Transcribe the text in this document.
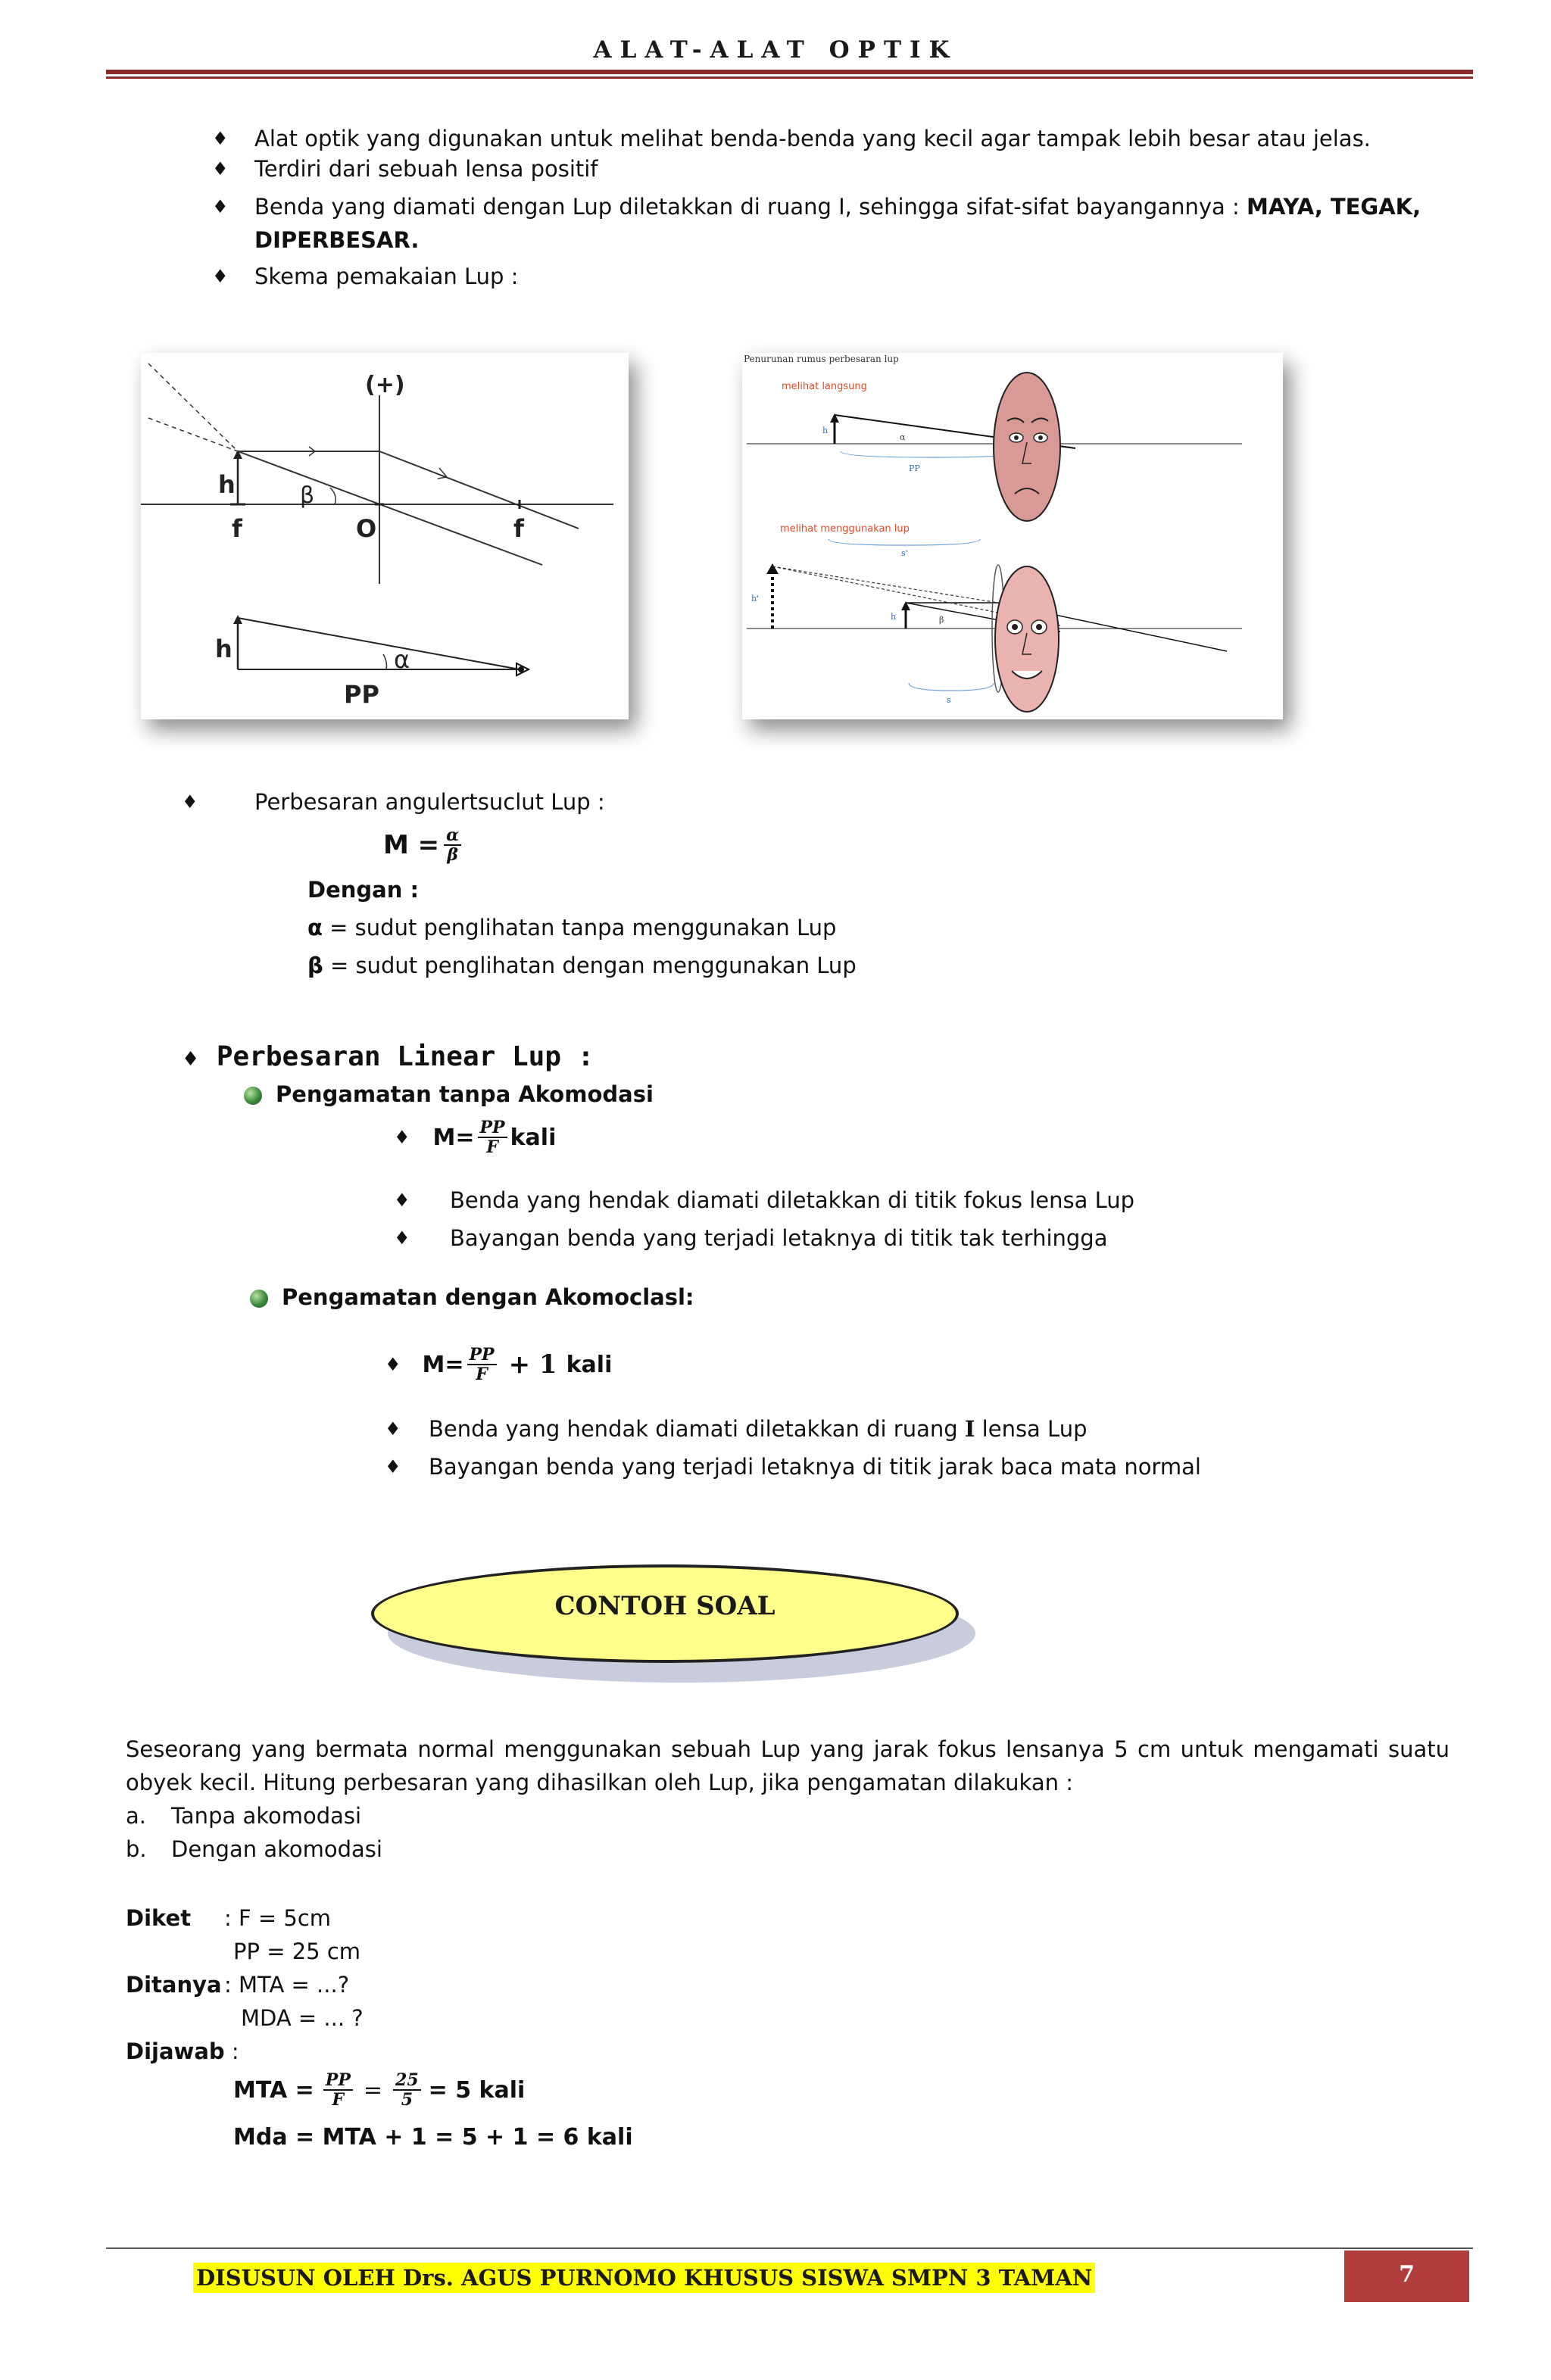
ALAT-ALAT OPTIK
♦ Alat optik yang digunakan untuk melihat benda-benda yang kecil agar tampak lebih besar atau jelas.
♦ Terdiri dari sebuah lensa positif
♦ Benda yang diamati dengan Lup diletakkan di ruang I, sehingga sifat-sifat bayangannya : MAYA, TEGAK,
DIPERBESAR.
♦ Skema pemakaian Lup :
(+)
h	β
f	O	f
h	α
PP
Penurunan rumus perbesaran lup
melihat langsung
h
α
PP
melihat menggunakan lup
h'
h	β
s'
s
♦	Perbesaran angulertsuclut Lup :
$M = \frac{\alpha}{\beta}$
Dengan :
α = sudut penglihatan tanpa menggunakan Lup
β = sudut penglihatan dengan menggunakan Lup
♦ Perbesaran Linear Lup :
Pengamatan tanpa Akomodasi
♦ $M= \frac{PP}{F}$ kali
♦ Benda yang hendak diamati diletakkan di titik fokus lensa Lup
♦ Bayangan benda yang terjadi letaknya di titik tak terhingga
Pengamatan dengan Akomoclasl:
♦ $M= \frac{PP}{F} + 1$ kali
♦ Benda yang hendak diamati diletakkan di ruang I lensa Lup
♦ Bayangan benda yang terjadi letaknya di titik jarak baca mata normal
CONTOH SOAL
Seseorang yang bermata normal menggunakan sebuah Lup yang jarak fokus lensanya 5 cm untuk mengamati suatu
obyek kecil. Hitung perbesaran yang dihasilkan oleh Lup, jika pengamatan dilakukan :
a.	Tanpa akomodasi
b.	Dengan akomodasi
Diket : F = 5cm
PP = 25 cm
Ditanya : MTA = ...?
MDA = ... ?
Dijawab :
MTA = $\frac{PP}{F} = \frac{25}{5} = 5$ kali
Mda = MTA + 1 = 5 + 1 = 6 kali
DISUSUN OLEH Drs. AGUS PURNOMO KHUSUS SISWA SMPN 3 TAMAN	7
